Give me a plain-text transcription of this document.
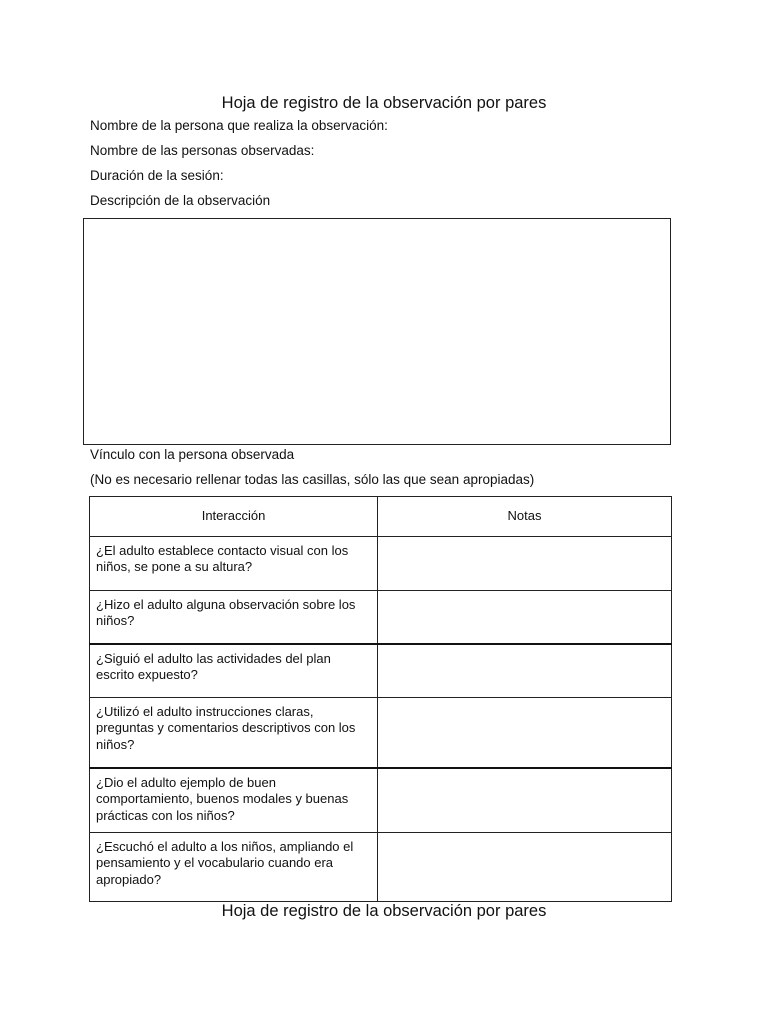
Hoja de registro de la observación por pares
Nombre de la persona que realiza la observación:
Nombre de las personas observadas:
Duración de la sesión:
Descripción de la observación
Vínculo con la persona observada
(No es necesario rellenar todas las casillas, sólo las que sean apropiadas)
Interacción	Notas
¿El adulto establece contacto visual con los niños, se pone a su altura?	
¿Hizo el adulto alguna observación sobre los niños?	
¿Siguió el adulto las actividades del plan escrito expuesto?	
¿Utilizó el adulto instrucciones claras, preguntas y comentarios descriptivos con los niños?	
¿Dio el adulto ejemplo de buen comportamiento, buenos modales y buenas prácticas con los niños?	
¿Escuchó el adulto a los niños, ampliando el pensamiento y el vocabulario cuando era apropiado?	
Hoja de registro de la observación por pares
